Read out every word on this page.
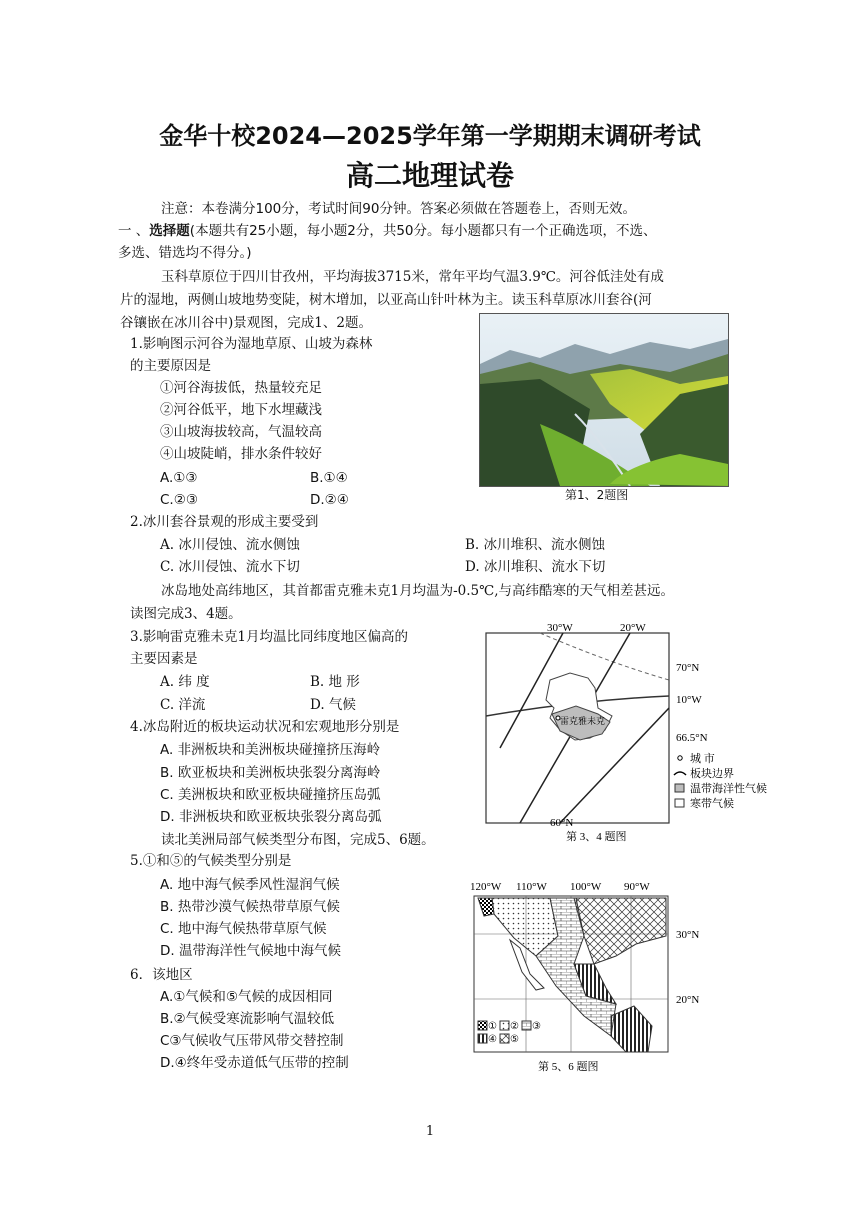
金华十校2024—2025学年第一学期期末调研考试
高二地理试卷
注意：本卷满分100分，考试时间90分钟。答案必须做在答题卷上，否则无效。
一 、选择题(本题共有25小题，每小题2分，共50分。每小题都只有一个正确选项，不选、
多选、错选均不得分。)
玉科草原位于四川甘孜州，平均海拔3715米，常年平均气温3.9℃。河谷低洼处有成
片的湿地，两侧山坡地势变陡，树木增加，以亚高山针叶林为主。读玉科草原冰川套谷(河
谷镶嵌在冰川谷中)景观图，完成1、2题。
1.影响图示河谷为湿地草原、山坡为森林
的主要原因是
①河谷海拔低，热量较充足
②河谷低平，地下水埋藏浅
③山坡海拔较高，气温较高
④山坡陡峭，排水条件较好
A.①③	B.①④
C.②③	D.②④	第1、2题图
2.冰川套谷景观的形成主要受到
A. 冰川侵蚀、流水侧蚀	B. 冰川堆积、流水侧蚀
C. 冰川侵蚀、流水下切	D. 冰川堆积、流水下切
冰岛地处高纬地区，其首都雷克雅未克1月均温为-0.5℃,与高纬酷寒的天气相差甚远。
读图完成3、4题。
3.影响雷克雅未克1月均温比同纬度地区偏高的
主要因素是
A. 纬 度	B. 地 形
C. 洋流	D. 气候
4.冰岛附近的板块运动状况和宏观地形分别是
A. 非洲板块和美洲板块碰撞挤压海岭
B. 欧亚板块和美洲板块张裂分离海岭
C. 美洲板块和欧亚板块碰撞挤压岛弧
D. 非洲板块和欧亚板块张裂分离岛弧
雷克雅未克
30°W	20°W
70°N
10°W
66.5°N
60°N
城 市
板块边界
温带海洋性气候
寒带气候
第 3、4 题图
读北美洲局部气候类型分布图，完成5、6题。
5.①和⑤的气候类型分别是
A. 地中海气候季风性湿润气候
B. 热带沙漠气候热带草原气候
C. 地中海气候热带草原气候
D. 温带海洋性气候地中海气候
6．该地区
A.①气候和⑤气候的成因相同
B.②气候受寒流影响气温较低
C③气候收气压带风带交替控制
D.④终年受赤道低气压带的控制
① ② ③
④ ⑤
120°W 110°W 100°W 90°W
30°N
20°N
第 5、6 题图
1
